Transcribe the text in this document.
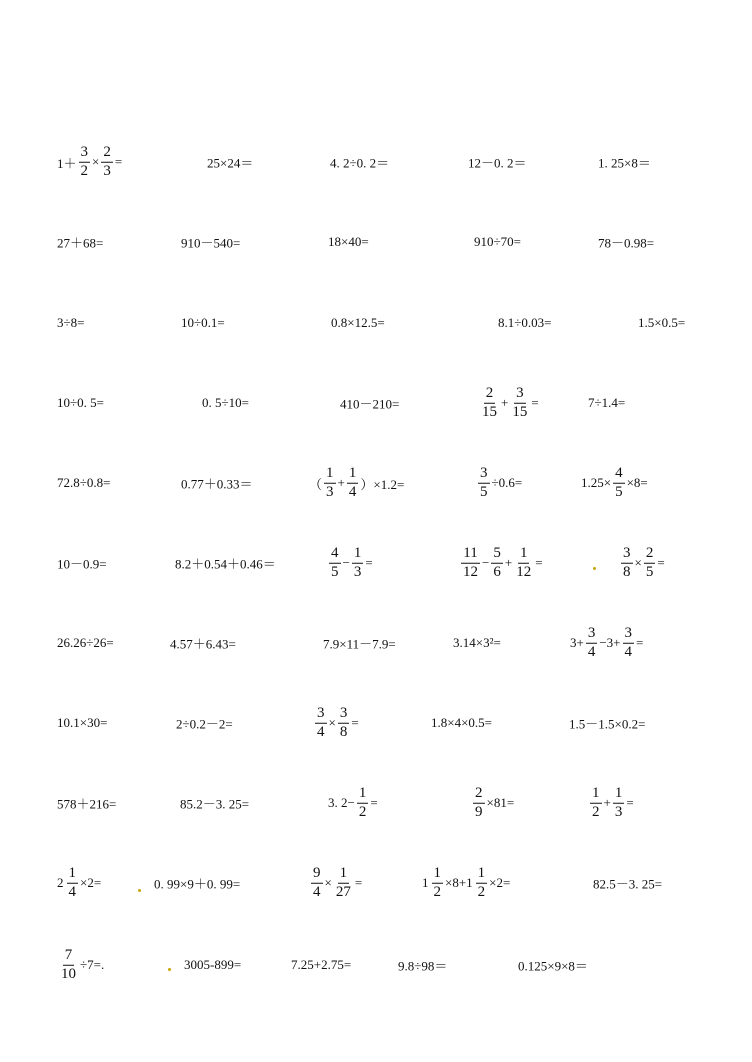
$1+ \frac{3}{2} \times \frac{2}{3}$ =	25×24＝	4. 2÷0. 2＝	12－0. 2＝	1. 25×8＝
27＋68=	910－540=	18×40=	910÷70=	78－0.98=
3÷8=	10÷0.1=	0.8×12.5=	8.1÷0.03=	1.5×0.5=
10÷0. 5=	0. 5÷10=	410－210=	$\frac{2}{15} + \frac{3}{15}$ =	7÷1.4=
72.8÷0.8=	0.77＋0.33＝	（ $\frac{1}{3} + \frac{1}{4} )\times 1.2=$	$\frac{3}{5} \div 0.6=$	$1.25\times \frac{4}{5} \times 8=$
10－0.9=	8.2＋0.54＋0.46＝	$\frac{4}{5} - \frac{1}{3}$ =	$\frac{11}{12} - \frac{5}{6} + \frac{1}{12}$ =	$\frac{3}{8} \times \frac{2}{5}$ =
26.26÷26=	4.57＋6.43=	7.9×11－7.9=	3.14×3²=	$3+ \frac{3}{4} -3+ \frac{3}{4}$ =
10.1×30=	2÷0.2－2=	$\frac{3}{4} \times \frac{3}{8}$ =	1.8×4×0.5=	1.5－1.5×0.2=
578＋216=	85.2－3. 25=	3. $2- \frac{1}{2}$ =	$\frac{2}{9} \times 81=$	$\frac{1}{2} + \frac{1}{3}$ =
$2 \frac{1}{4} \times 2=$	0. 99×9＋0. 99=	$\frac{9}{4} \times \frac{1}{27}$ =	$1 \frac{1}{2} \times 8+ 1 \frac{1}{2} \times 2=$	82.5－3. 25=
$\frac{7}{10} \div 7=$.	3005-899=	7.25+2.75=	9.8÷98＝	0.125×9×8＝
